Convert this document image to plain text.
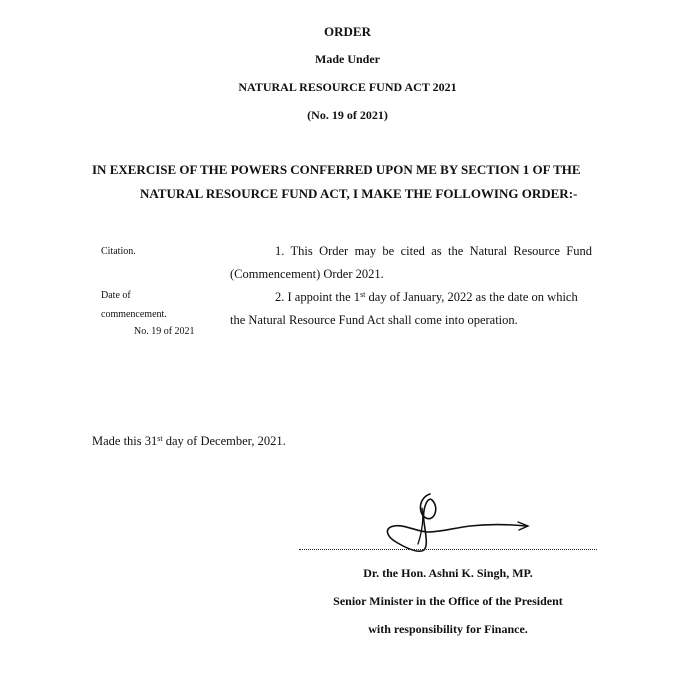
ORDER
Made Under
NATURAL RESOURCE FUND ACT 2021
(No. 19 of 2021)
IN EXERCISE OF THE POWERS CONFERRED UPON ME BY SECTION 1 OF THE
NATURAL RESOURCE FUND ACT, I MAKE THE FOLLOWING ORDER:-
Citation.
Date of
commencement.
No. 19 of 2021
1. This Order may be cited as the Natural Resource Fund
(Commencement) Order 2021.
2. I appoint the 1st day of January, 2022 as the date on which
the Natural Resource Fund Act shall come into operation.
Made this 31st day of December, 2021.
Dr. the Hon. Ashni K. Singh, MP.
Senior Minister in the Office of the President
with responsibility for Finance.
